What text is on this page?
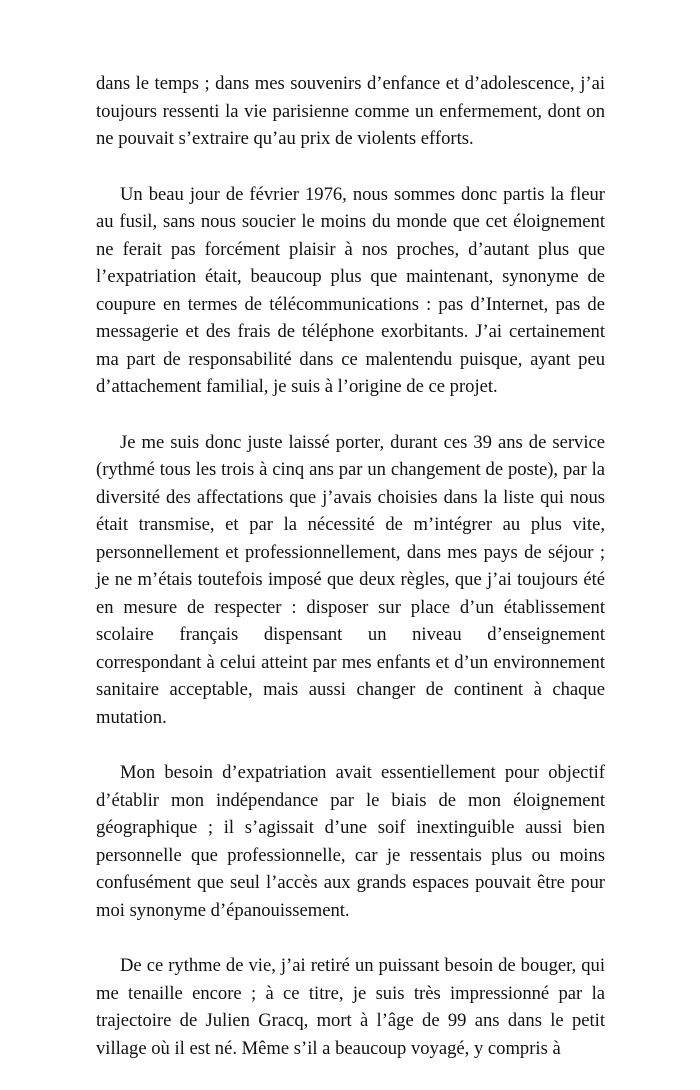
dans le temps ; dans mes souvenirs d’enfance et d’adolescence, j’ai toujours ressenti la vie parisienne comme un enfermement, dont on ne pouvait s’extraire qu’au prix de violents efforts.

Un beau jour de février 1976, nous sommes donc partis la fleur au fusil, sans nous soucier le moins du monde que cet éloignement ne ferait pas forcément plaisir à nos proches, d’autant plus que l’expatriation était, beaucoup plus que maintenant, synonyme de coupure en termes de télécommunications : pas d’Internet, pas de messagerie et des frais de téléphone exorbitants. J’ai certainement ma part de responsabilité dans ce malentendu puisque, ayant peu d’attachement familial, je suis à l’origine de ce projet.

Je me suis donc juste laissé porter, durant ces 39 ans de service (rythmé tous les trois à cinq ans par un changement de poste), par la diversité des affectations que j’avais choisies dans la liste qui nous était transmise, et par la nécessité de m’intégrer au plus vite, personnellement et professionnellement, dans mes pays de séjour ; je ne m’étais toutefois imposé que deux règles, que j’ai toujours été en mesure de respecter : disposer sur place d’un établissement scolaire français dispensant un niveau d’enseignement correspondant à celui atteint par mes enfants et d’un environnement sanitaire acceptable, mais aussi changer de continent à chaque mutation.

Mon besoin d’expatriation avait essentiellement pour objectif d’établir mon indépendance par le biais de mon éloignement géographique ; il s’agissait d’une soif inextinguible aussi bien personnelle que professionnelle, car je ressentais plus ou moins confusément que seul l’accès aux grands espaces pouvait être pour moi synonyme d’épanouissement.

De ce rythme de vie, j’ai retiré un puissant besoin de bouger, qui me tenaille encore ; à ce titre, je suis très impressionné par la trajectoire de Julien Gracq, mort à l’âge de 99 ans dans le petit village où il est né. Même s’il a beaucoup voyagé, y compris à
